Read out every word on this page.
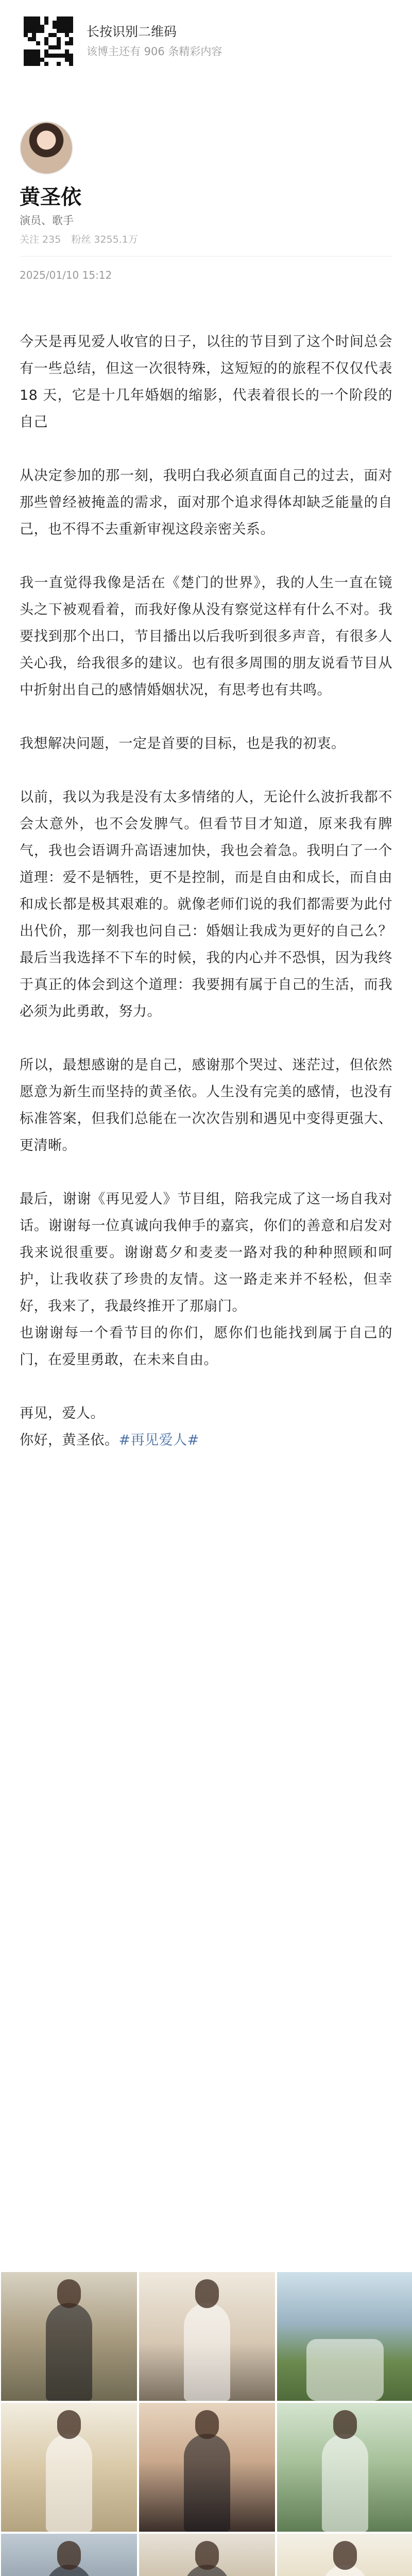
长按识别二维码
该博主还有 906 条精彩内容
黄圣依
演员、歌手
关注 235 粉丝 3255.1万
2025/01/10 15:12

今天是再见爱人收官的日子，以往的节目到了这个时间总会有一些总结，但这一次很特殊，这短短的的旅程不仅仅代表 18 天，它是十几年婚姻的缩影，代表着很长的一个阶段的自己

从决定参加的那一刻，我明白我必须直面自己的过去，面对那些曾经被掩盖的需求，面对那个追求得体却缺乏能量的自己，也不得不去重新审视这段亲密关系。

我一直觉得我像是活在《楚门的世界》，我的人生一直在镜头之下被观看着，而我好像从没有察觉这样有什么不对。我要找到那个出口，节目播出以后我听到很多声音，有很多人关心我，给我很多的建议。也有很多周围的朋友说看节目从中折射出自己的感情婚姻状况，有思考也有共鸣。

我想解决问题，一定是首要的目标，也是我的初衷。

以前，我以为我是没有太多情绪的人，无论什么波折我都不会太意外，也不会发脾气。但看节目才知道，原来我有脾气，我也会语调升高语速加快，我也会着急。我明白了一个道理：爱不是牺牲，更不是控制，而是自由和成长，而自由和成长都是极其艰难的。就像老师们说的我们都需要为此付出代价，那一刻我也问自己：婚姻让我成为更好的自己么？最后当我选择不下车的时候，我的内心并不恐惧，因为我终于真正的体会到这个道理：我要拥有属于自己的生活，而我必须为此勇敢，努力。

所以，最想感谢的是自己，感谢那个哭过、迷茫过，但依然愿意为新生而坚持的黄圣依。人生没有完美的感情，也没有标准答案，但我们总能在一次次告别和遇见中变得更强大、更清晰。

最后，谢谢《再见爱人》节目组，陪我完成了这一场自我对话。谢谢每一位真诚向我伸手的嘉宾，你们的善意和启发对我来说很重要。谢谢葛夕和麦麦一路对我的种种照顾和呵护，让我收获了珍贵的友情。这一路走来并不轻松，但幸好，我来了，我最终推开了那扇门。

也谢谢每一个看节目的你们，愿你们也能找到属于自己的门，在爱里勇敢，在未来自由。

再见，爱人。

你好，黄圣依。#再见爱人#
